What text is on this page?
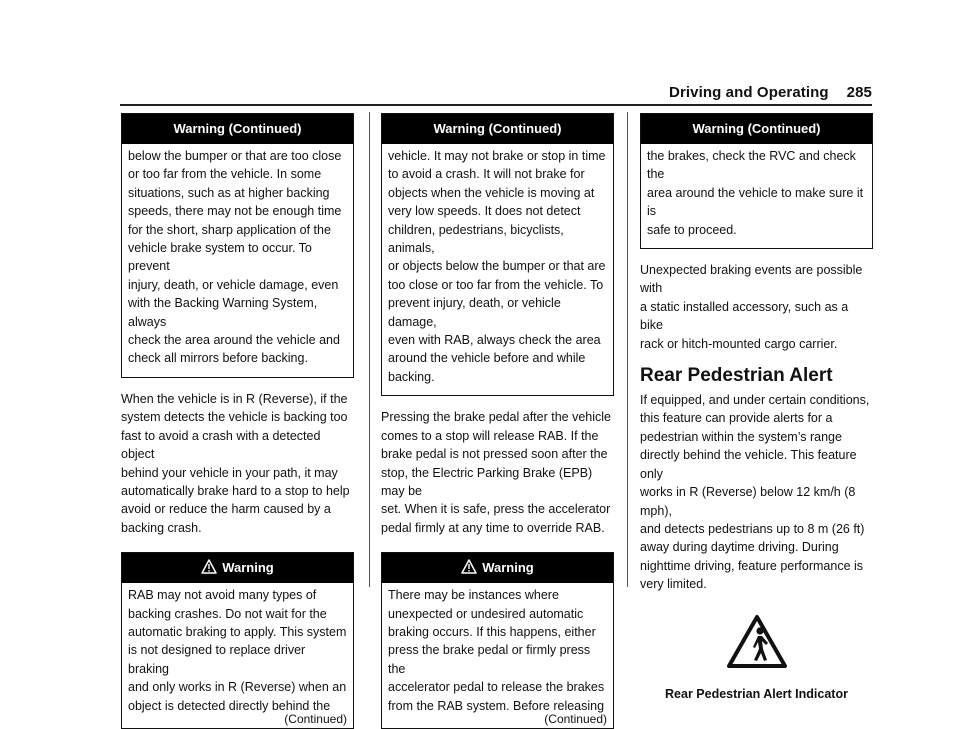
Driving and Operating 285
Warning (Continued)
below the bumper or that are too close
or too far from the vehicle. In some
situations, such as at higher backing
speeds, there may not be enough time
for the short, sharp application of the
vehicle brake system to occur. To prevent
injury, death, or vehicle damage, even
with the Backing Warning System, always
check the area around the vehicle and
check all mirrors before backing.
When the vehicle is in R (Reverse), if the
system detects the vehicle is backing too
fast to avoid a crash with a detected object
behind your vehicle in your path, it may
automatically brake hard to a stop to help
avoid or reduce the harm caused by a
backing crash.
Warning
RAB may not avoid many types of
backing crashes. Do not wait for the
automatic braking to apply. This system
is not designed to replace driver braking
and only works in R (Reverse) when an
object is detected directly behind the
(Continued)
Warning (Continued)
vehicle. It may not brake or stop in time
to avoid a crash. It will not brake for
objects when the vehicle is moving at
very low speeds. It does not detect
children, pedestrians, bicyclists, animals,
or objects below the bumper or that are
too close or too far from the vehicle. To
prevent injury, death, or vehicle damage,
even with RAB, always check the area
around the vehicle before and while
backing.
Pressing the brake pedal after the vehicle
comes to a stop will release RAB. If the
brake pedal is not pressed soon after the
stop, the Electric Parking Brake (EPB) may be
set. When it is safe, press the accelerator
pedal firmly at any time to override RAB.
Warning
There may be instances where
unexpected or undesired automatic
braking occurs. If this happens, either
press the brake pedal or firmly press the
accelerator pedal to release the brakes
from the RAB system. Before releasing
(Continued)
Warning (Continued)
the brakes, check the RVC and check the
area around the vehicle to make sure it is
safe to proceed.
Unexpected braking events are possible with
a static installed accessory, such as a bike
rack or hitch-mounted cargo carrier.
Rear Pedestrian Alert
If equipped, and under certain conditions,
this feature can provide alerts for a
pedestrian within the system’s range
directly behind the vehicle. This feature only
works in R (Reverse) below 12 km/h (8 mph),
and detects pedestrians up to 8 m (26 ft)
away during daytime driving. During
nighttime driving, feature performance is
very limited.
Rear Pedestrian Alert Indicator
